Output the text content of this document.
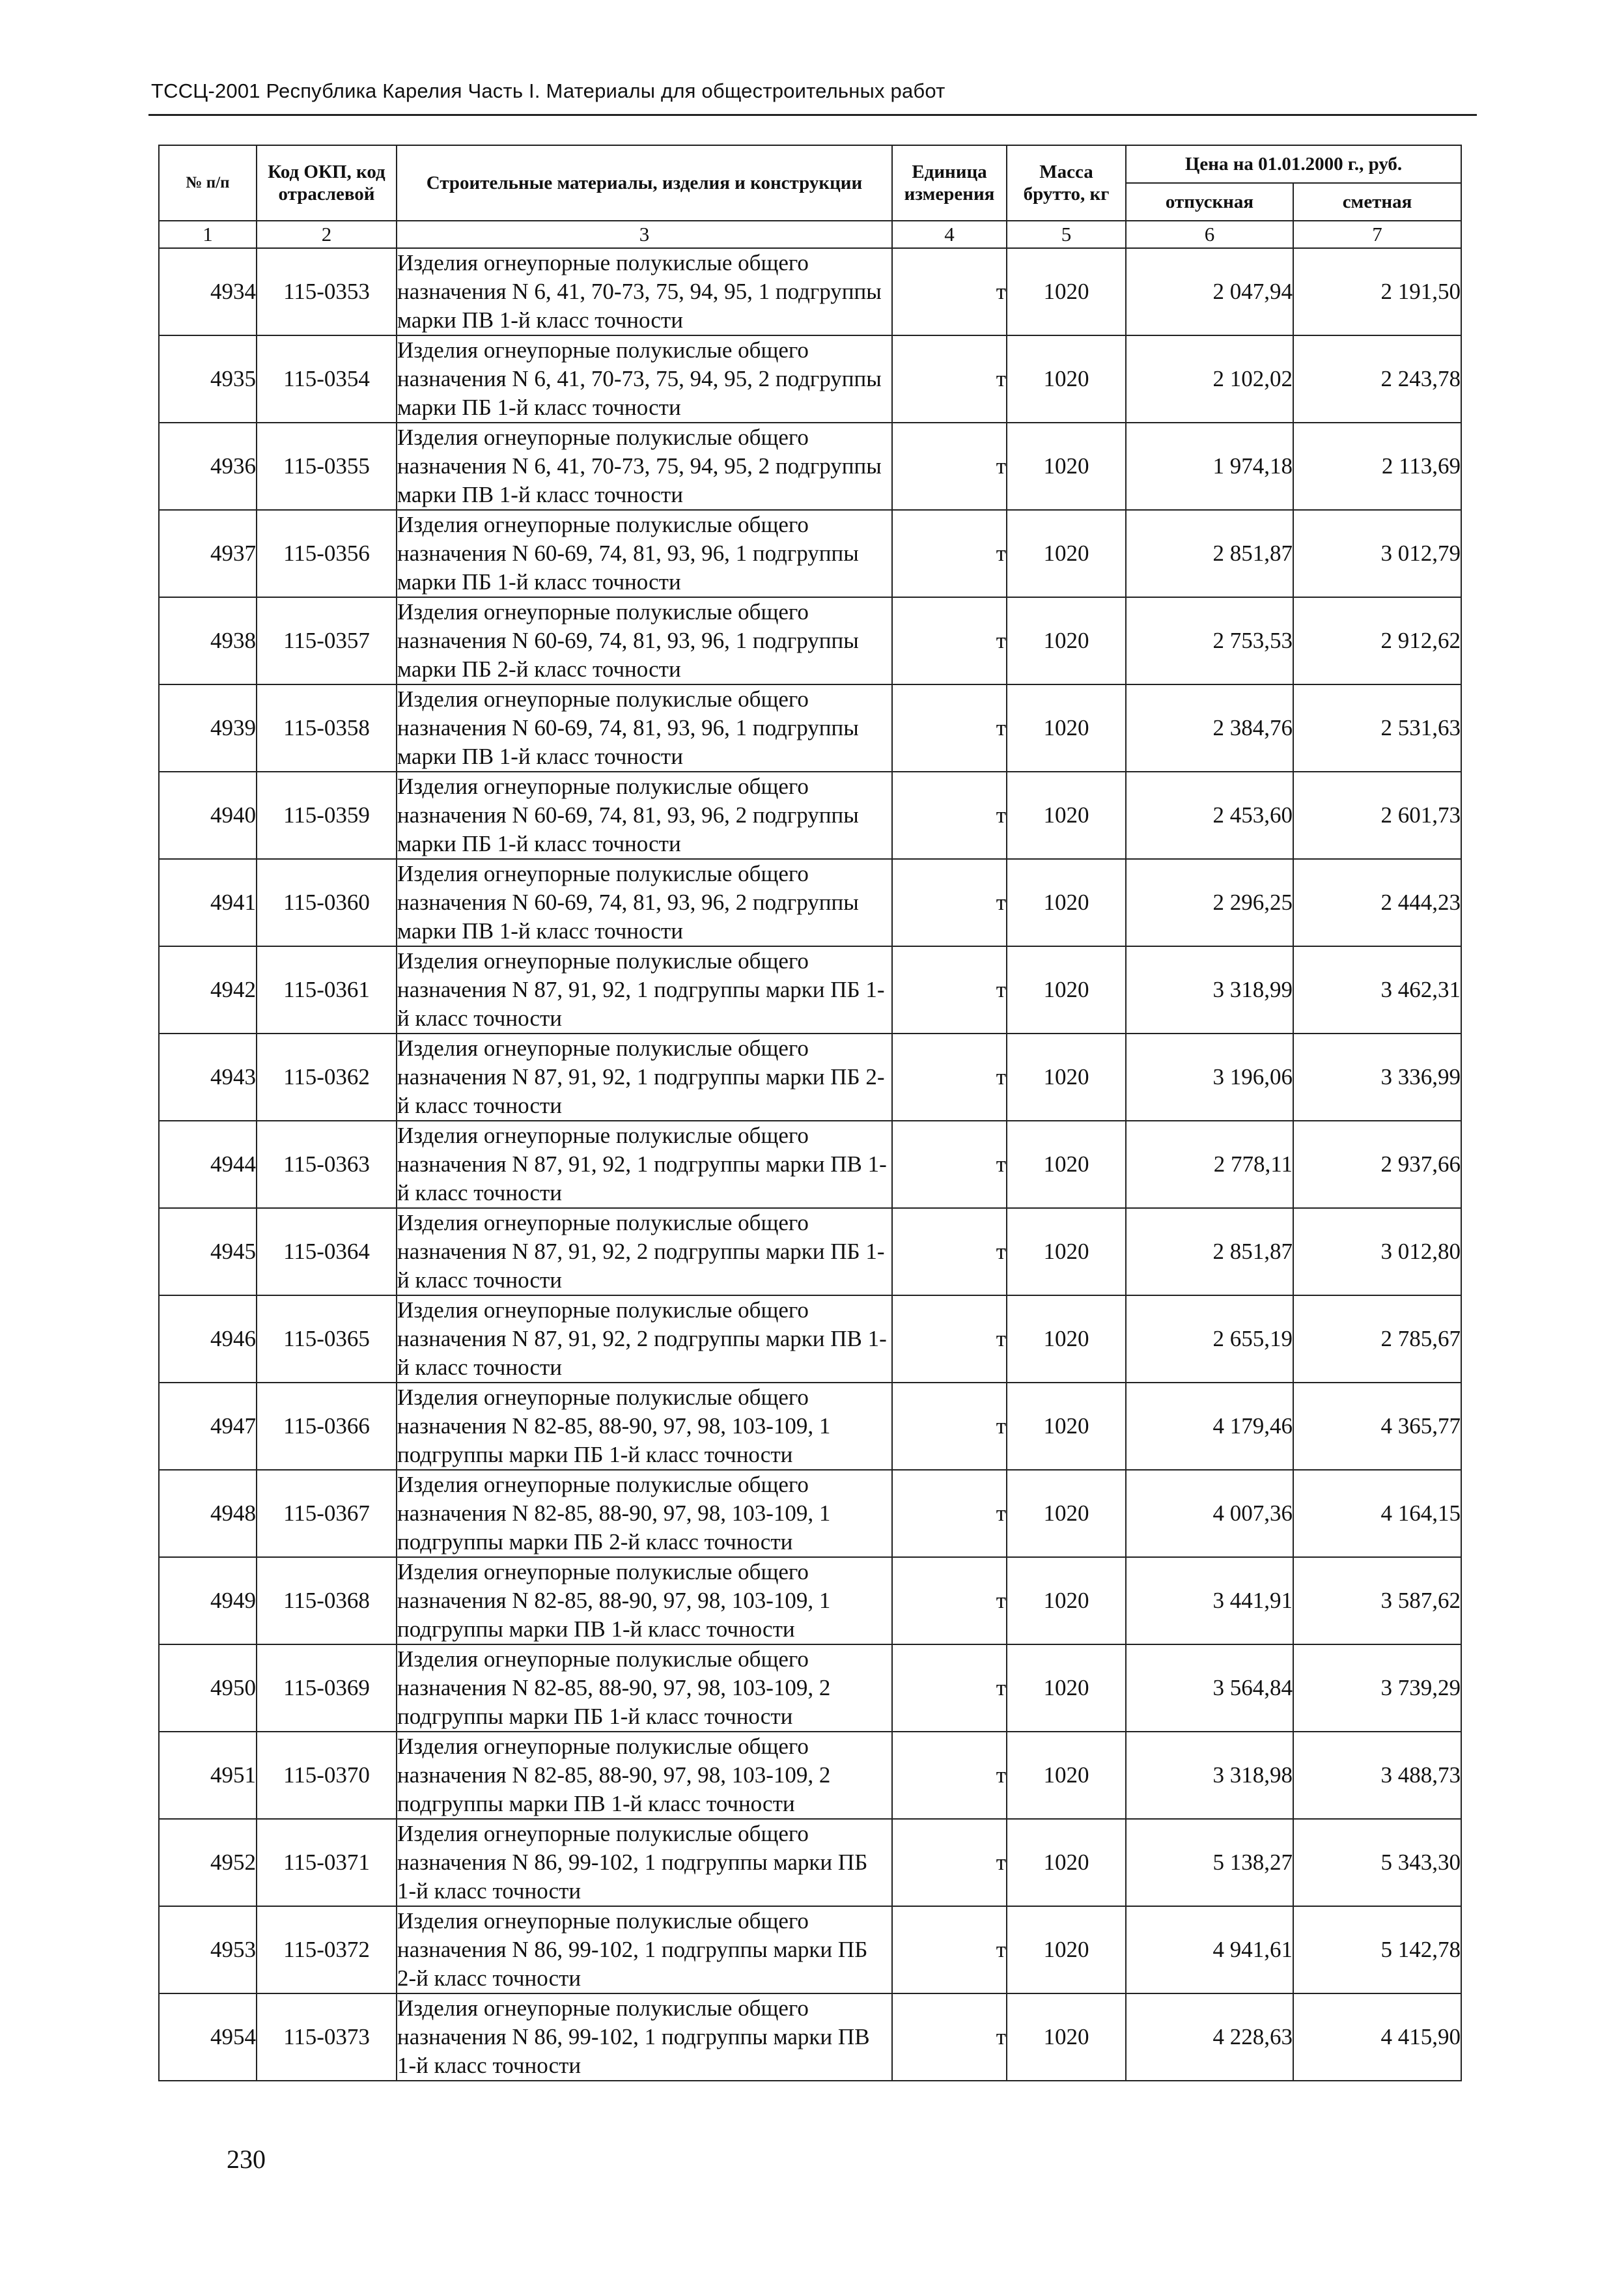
ТССЦ-2001 Республика Карелия Часть I. Материалы для общестроительных работ
№ п/п	Код ОКП, код отраслевой	Строительные материалы, изделия и конструкции	Единица измерения	Масса брутто, кг	Цена на 01.01.2000 г., руб.	
					отпускная	сметная
1	2	3	4	5	6	7
4934	115-0353	Изделия огнеупорные полукислые общего назначения N 6, 41, 70-73, 75, 94, 95, 1 подгруппы марки ПВ 1-й класс точности	т	1020	2 047,94	2 191,50
4935	115-0354	Изделия огнеупорные полукислые общего назначения N 6, 41, 70-73, 75, 94, 95, 2 подгруппы марки ПБ 1-й класс точности	т	1020	2 102,02	2 243,78
4936	115-0355	Изделия огнеупорные полукислые общего назначения N 6, 41, 70-73, 75, 94, 95, 2 подгруппы марки ПВ 1-й класс точности	т	1020	1 974,18	2 113,69
4937	115-0356	Изделия огнеупорные полукислые общего назначения N 60-69, 74, 81, 93, 96, 1 подгруппы марки ПБ 1-й класс точности	т	1020	2 851,87	3 012,79
4938	115-0357	Изделия огнеупорные полукислые общего назначения N 60-69, 74, 81, 93, 96, 1 подгруппы марки ПБ 2-й класс точности	т	1020	2 753,53	2 912,62
4939	115-0358	Изделия огнеупорные полукислые общего назначения N 60-69, 74, 81, 93, 96, 1 подгруппы марки ПВ 1-й класс точности	т	1020	2 384,76	2 531,63
4940	115-0359	Изделия огнеупорные полукислые общего назначения N 60-69, 74, 81, 93, 96, 2 подгруппы марки ПБ 1-й класс точности	т	1020	2 453,60	2 601,73
4941	115-0360	Изделия огнеупорные полукислые общего назначения N 60-69, 74, 81, 93, 96, 2 подгруппы марки ПВ 1-й класс точности	т	1020	2 296,25	2 444,23
4942	115-0361	Изделия огнеупорные полукислые общего назначения N 87, 91, 92, 1 подгруппы марки ПБ 1-й класс точности	т	1020	3 318,99	3 462,31
4943	115-0362	Изделия огнеупорные полукислые общего назначения N 87, 91, 92, 1 подгруппы марки ПБ 2-й класс точности	т	1020	3 196,06	3 336,99
4944	115-0363	Изделия огнеупорные полукислые общего назначения N 87, 91, 92, 1 подгруппы марки ПВ 1-й класс точности	т	1020	2 778,11	2 937,66
4945	115-0364	Изделия огнеупорные полукислые общего назначения N 87, 91, 92, 2 подгруппы марки ПБ 1-й класс точности	т	1020	2 851,87	3 012,80
4946	115-0365	Изделия огнеупорные полукислые общего назначения N 87, 91, 92, 2 подгруппы марки ПВ 1-й класс точности	т	1020	2 655,19	2 785,67
4947	115-0366	Изделия огнеупорные полукислые общего назначения N 82-85, 88-90, 97, 98, 103-109, 1 подгруппы марки ПБ 1-й класс точности	т	1020	4 179,46	4 365,77
4948	115-0367	Изделия огнеупорные полукислые общего назначения N 82-85, 88-90, 97, 98, 103-109, 1 подгруппы марки ПБ 2-й класс точности	т	1020	4 007,36	4 164,15
4949	115-0368	Изделия огнеупорные полукислые общего назначения N 82-85, 88-90, 97, 98, 103-109, 1 подгруппы марки ПВ 1-й класс точности	т	1020	3 441,91	3 587,62
4950	115-0369	Изделия огнеупорные полукислые общего назначения N 82-85, 88-90, 97, 98, 103-109, 2 подгруппы марки ПБ 1-й класс точности	т	1020	3 564,84	3 739,29
4951	115-0370	Изделия огнеупорные полукислые общего назначения N 82-85, 88-90, 97, 98, 103-109, 2 подгруппы марки ПВ 1-й класс точности	т	1020	3 318,98	3 488,73
4952	115-0371	Изделия огнеупорные полукислые общего назначения N 86, 99-102, 1 подгруппы марки ПБ 1-й класс точности	т	1020	5 138,27	5 343,30
4953	115-0372	Изделия огнеупорные полукислые общего назначения N 86, 99-102, 1 подгруппы марки ПБ 2-й класс точности	т	1020	4 941,61	5 142,78
4954	115-0373	Изделия огнеупорные полукислые общего назначения N 86, 99-102, 1 подгруппы марки ПВ 1-й класс точности	т	1020	4 228,63	4 415,90
230
